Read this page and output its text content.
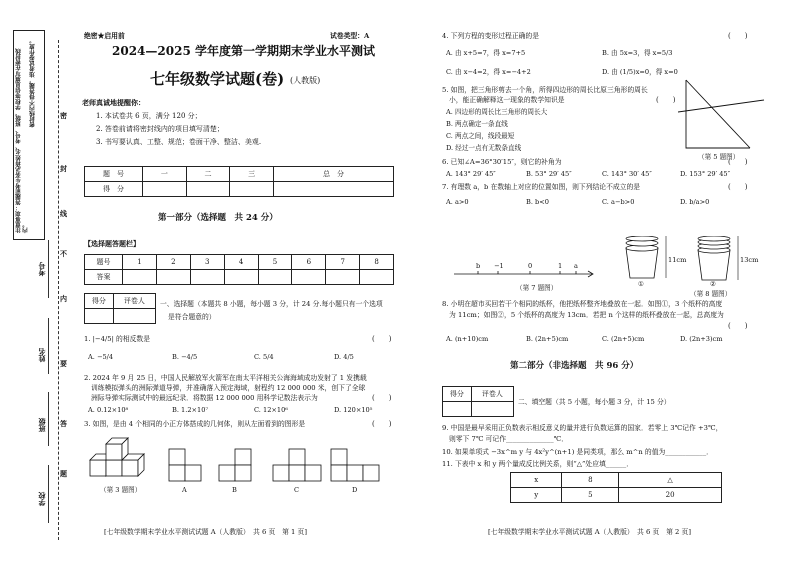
注意事项：答题前考生务必将姓名、考号、班级、学校等信息填写在密封线内。
密封线内不得答题，违者试卷作废。
考号
姓名
班级
学校
密
封
线
内
不
要
答
题
绝密★启用前	试卷类型：A
2024—2025 学年度第一学期期末学业水平测试
七年级数学试题(卷) (人教版)
老师真诚地提醒你：
1. 本试卷共 6 页，满分 120 分；
2. 答卷前请将密封线内的项目填写清楚；
3. 书写要认真、工整、规范；卷面干净、整洁、美观.
题　号	一	二	三	总　分
得　分				
第一部分（选择题　共 24 分）
【选择题答题栏】
题号	1	2	3	4	5	6	7	8
答案								
得分	评卷人
	一、选择题（本题共 8 小题，每小题 3 分，计 24 分.每小题只有一个选项
是符合题意的）
1. |−4/5| 的相反数是	(　　)
A. −5/4	B. −4/5	C. 5/4	D. 4/5
2. 2024 年 9 月 25 日，中国人民解放军火箭军在南太平洋相关公海海域成功发射了 1 发携载
训练模拟弹头的洲际弹道导弹，并准确落入预定海域，射程约 12 000 000 米，创下了全球
洲际导弹实际测试中的最远纪录．将数据 12 000 000 用科学记数法表示为	(　　)
A. 0.12×10⁸	B. 1.2×10⁷	C. 12×10⁶	D. 120×10⁵
3. 如图，是由 4 个相同的小正方体搭成的几何体，则从左面看到的图形是	(　　)
（第 3 题图）	A	B	C	D
[七年级数学期末学业水平测试试题 A（人教版）　共 6 页　第 1 页]
4. 下列方程的变形过程正确的是	(　　)
A. 由 x+5=7，得 x=7+5	B. 由 5x=3，得 x=5/3
C. 由 x−4=2，得 x=−4+2	D. 由 (1/5)x=0，得 x=0
5. 如图，把三角形剪去一个角，所得四边形的周长比原三角形的周长
小，能正确解释这一现象的数学知识是	(　　)
A. 四边形的周长比三角形的周长大
B. 两点确定一条直线
C. 两点之间，线段最短
D. 经过一点有无数条直线
（第 5 题图）
6. 已知∠A=36°30′15″，则它的补角为	(　　)
A. 143° 29′ 45″	B. 53° 29′ 45″	C. 143° 30′ 45″	D. 153° 29′ 45″
7. 有理数 a，b 在数轴上对应的位置如图，则下列结论不成立的是	(　　)
A. a>0	B. b<0	C. a−b>0	D. b/a>0
b −1	0	1 a
（第 7 题图）
11cm	13cm
①	②
（第 8 题图）
8. 小明在超市买回若干个相同的纸杯，他把纸杯整齐地叠放在一起．如图①，3 个纸杯的高度
为 11cm；如图②，5 个纸杯的高度为 13cm．若把 n 个这样的纸杯叠放在一起，总高度为
(　　)
A. (n+10)cm	B. (2n+5)cm	C. (2n+5)cm	D. (2n+3)cm
第二部分（非选择题　共 96 分）
得分	评卷人

二、填空题（共 5 小题，每小题 3 分，计 15 分）
9. 中国是最早采用正负数表示相反意义的量并进行负数运算的国家．若零上 3℃记作 +3℃，
则零下 7℃ 可记作______________℃．
10. 如果单项式 −3x^m y 与 4x²y^(n+1) 是同类项，那么 m^n 的值为____________．
11. 下表中 x 和 y 两个量成反比例关系，则“△”处应填______．
x	8	△
y	5	20
[七年级数学期末学业水平测试试题 A（人教版）　共 6 页　第 2 页]
